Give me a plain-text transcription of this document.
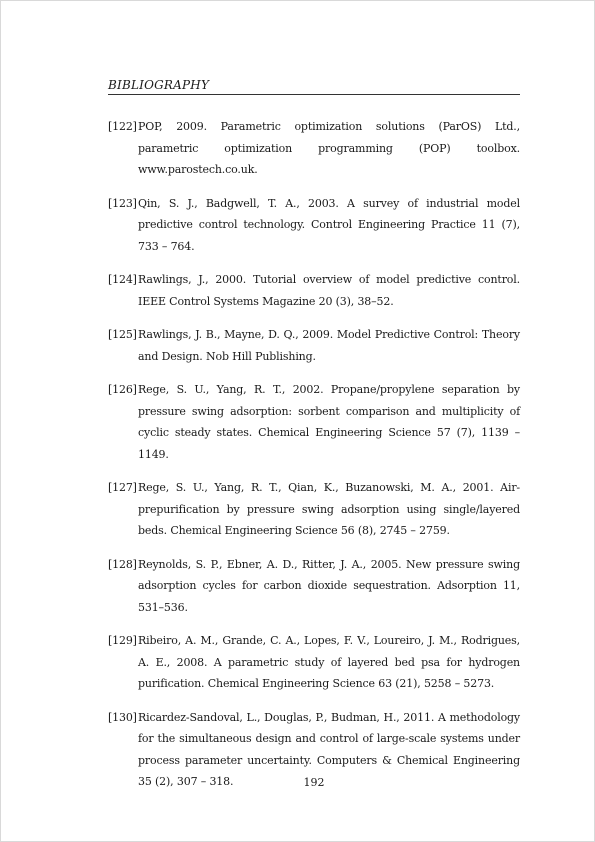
BIBLIOGRAPHY
[122] POP, 2009. Parametric optimization solutions (ParOS) Ltd., parametric optimization programming (POP) toolbox. www.parostech.co.uk.
[123] Qin, S. J., Badgwell, T. A., 2003. A survey of industrial model predictive control technology. Control Engineering Practice 11 (7), 733 – 764.
[124] Rawlings, J., 2000. Tutorial overview of model predictive control. IEEE Control Systems Magazine 20 (3), 38–52.
[125] Rawlings, J. B., Mayne, D. Q., 2009. Model Predictive Control: Theory and Design. Nob Hill Publishing.
[126] Rege, S. U., Yang, R. T., 2002. Propane/propylene separation by pressure swing adsorption: sorbent comparison and multiplicity of cyclic steady states. Chemical Engineering Science 57 (7), 1139 – 1149.
[127] Rege, S. U., Yang, R. T., Qian, K., Buzanowski, M. A., 2001. Air-prepurification by pressure swing adsorption using single/layered beds. Chemical Engineering Science 56 (8), 2745 – 2759.
[128] Reynolds, S. P., Ebner, A. D., Ritter, J. A., 2005. New pressure swing adsorption cycles for carbon dioxide sequestration. Adsorption 11, 531–536.
[129] Ribeiro, A. M., Grande, C. A., Lopes, F. V., Loureiro, J. M., Rodrigues, A. E., 2008. A parametric study of layered bed psa for hydrogen purification. Chemical Engineering Science 63 (21), 5258 – 5273.
[130] Ricardez-Sandoval, L., Douglas, P., Budman, H., 2011. A methodology for the simultaneous design and control of large-scale systems under process parameter uncertainty. Computers & Chemical Engineering 35 (2), 307 – 318.	192
